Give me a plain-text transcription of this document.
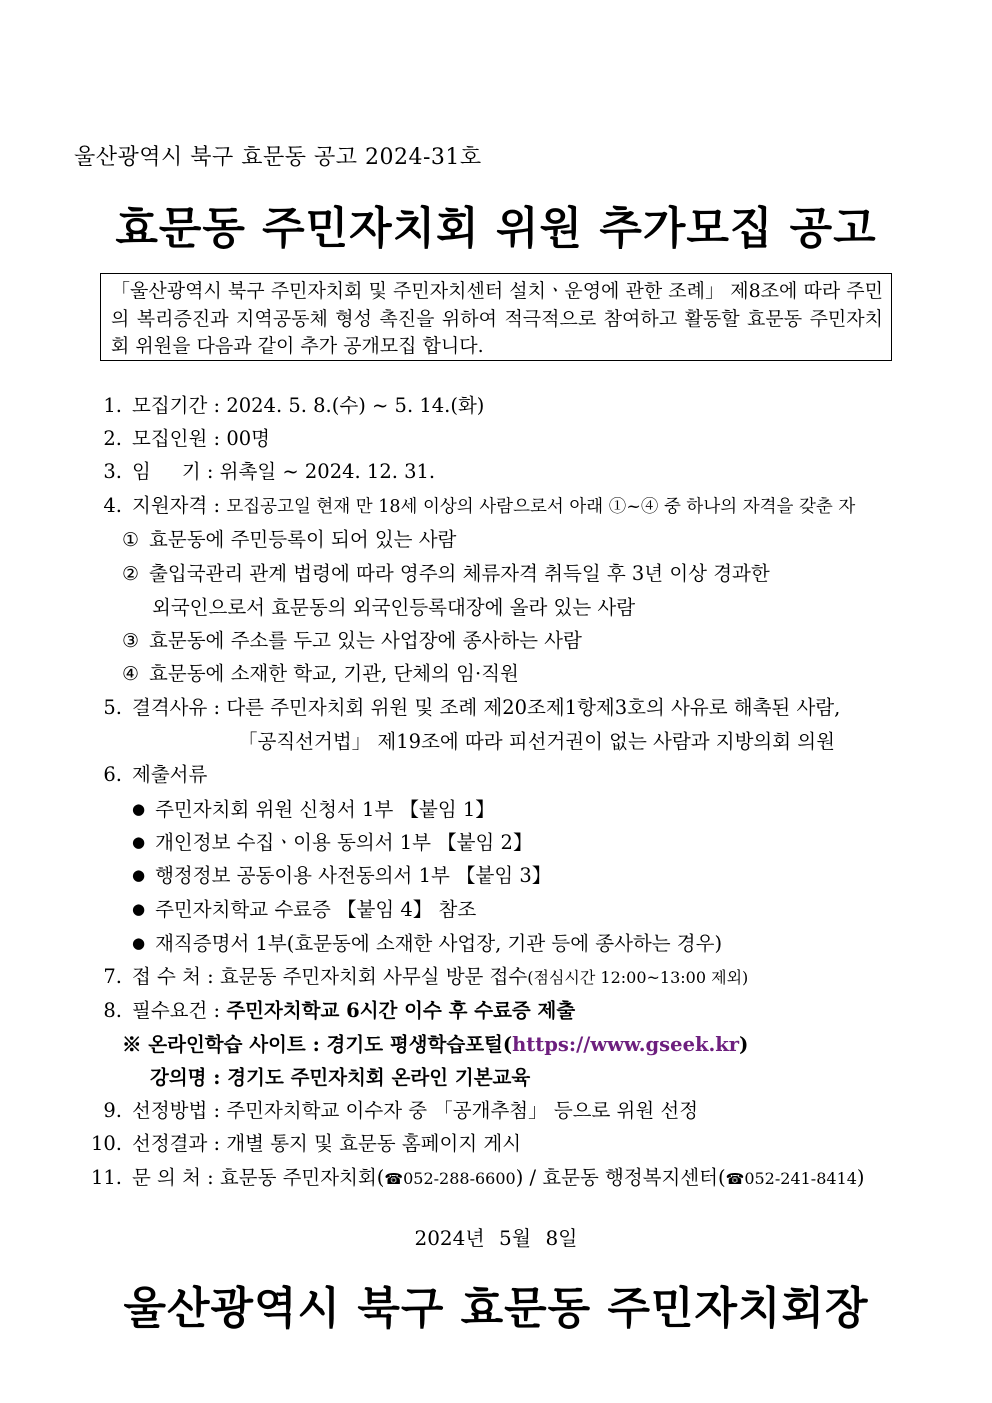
울산광역시 북구 효문동 공고 2024-31호
효문동 주민자치회 위원 추가모집 공고
「울산광역시 북구 주민자치회 및 주민자치센터 설치ㆍ운영에 관한 조례」 제8조에 따라 주민의 복리증진과 지역공동체 형성 촉진을 위하여 적극적으로 참여하고 활동할 효문동 주민자치회 위원을 다음과 같이 추가 공개모집 합니다.
1. 모집기간 : 2024. 5. 8.(수) ~ 5. 14.(화)
2. 모집인원 : 00명
3. 임     기 : 위촉일 ~ 2024. 12. 31.
4. 지원자격 : 모집공고일 현재 만 18세 이상의 사람으로서 아래 ①~④ 중 하나의 자격을 갖춘 자
① 효문동에 주민등록이 되어 있는 사람
② 출입국관리 관계 법령에 따라 영주의 체류자격 취득일 후 3년 이상 경과한
외국인으로서 효문동의 외국인등록대장에 올라 있는 사람
③ 효문동에 주소를 두고 있는 사업장에 종사하는 사람
④ 효문동에 소재한 학교, 기관, 단체의 임·직원
5. 결격사유 : 다른 주민자치회 위원 및 조례 제20조제1항제3호의 사유로 해촉된 사람,
「공직선거법」 제19조에 따라 피선거권이 없는 사람과 지방의회 의원
6. 제출서류
● 주민자치회 위원 신청서 1부 【붙임 1】
● 개인정보 수집ㆍ이용 동의서 1부 【붙임 2】
● 행정정보 공동이용 사전동의서 1부 【붙임 3】
● 주민자치학교 수료증 【붙임 4】 참조
● 재직증명서 1부(효문동에 소재한 사업장, 기관 등에 종사하는 경우)
7. 접 수 처 : 효문동 주민자치회 사무실 방문 접수(점심시간 12:00~13:00 제외)
8. 필수요건 : 주민자치학교 6시간 이수 후 수료증 제출
※ 온라인학습 사이트 : 경기도 평생학습포털(https://www.gseek.kr)
강의명 : 경기도 주민자치회 온라인 기본교육
9. 선정방법 : 주민자치학교 이수자 중 「공개추첨」 등으로 위원 선정
10. 선정결과 : 개별 통지 및 효문동 홈페이지 게시
11. 문 의 처 : 효문동 주민자치회(☎052-288-6600) / 효문동 행정복지센터(☎052-241-8414)
2024년 5월 8일
울산광역시 북구 효문동 주민자치회장
